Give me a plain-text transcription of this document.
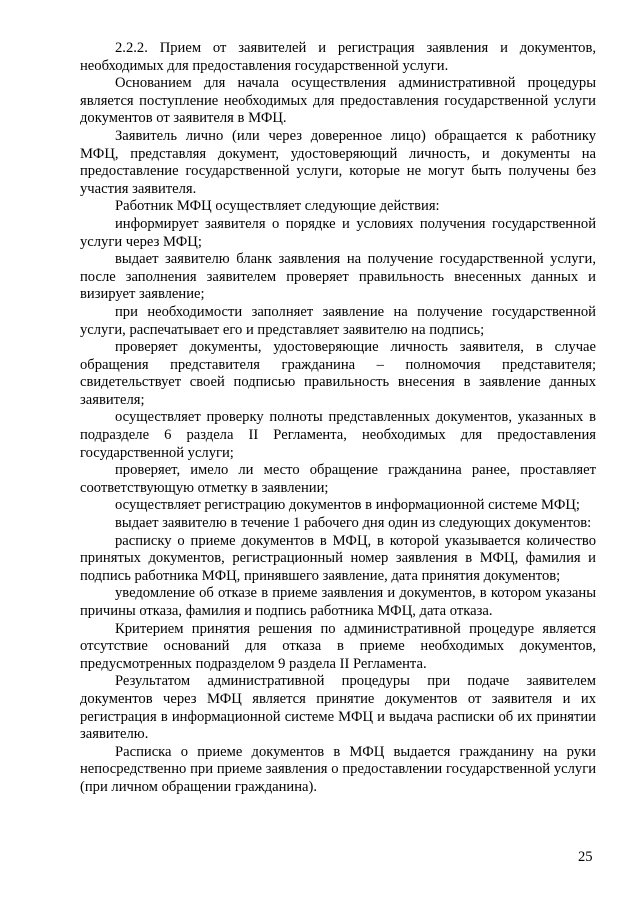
2.2.2. Прием от заявителей и регистрация заявления и документов, необходимых для предоставления государственной услуги.

Основанием для начала осуществления административной процедуры является поступление необходимых для предоставления государственной услуги документов от заявителя в МФЦ.

Заявитель лично (или через доверенное лицо) обращается к работнику МФЦ, представляя документ, удостоверяющий личность, и документы на предоставление государственной услуги, которые не могут быть получены без участия заявителя.

Работник МФЦ осуществляет следующие действия:

информирует заявителя о порядке и условиях получения государственной услуги через МФЦ;

выдает заявителю бланк заявления на получение государственной услуги, после заполнения заявителем проверяет правильность внесенных данных и визирует заявление;

при необходимости заполняет заявление на получение государственной услуги, распечатывает его и представляет заявителю на подпись;

проверяет документы, удостоверяющие личность заявителя, в случае обращения представителя гражданина – полномочия представителя; свидетельствует своей подписью правильность внесения в заявление данных заявителя;

осуществляет проверку полноты представленных документов, указанных в подразделе 6 раздела II Регламента, необходимых для предоставления государственной услуги;

проверяет, имело ли место обращение гражданина ранее, проставляет соответствующую отметку в заявлении;

осуществляет регистрацию документов в информационной системе МФЦ;

выдает заявителю в течение 1 рабочего дня один из следующих документов:

расписку о приеме документов в МФЦ, в которой указывается количество принятых документов, регистрационный номер заявления в МФЦ, фамилия и подпись работника МФЦ, принявшего заявление, дата принятия документов;

уведомление об отказе в приеме заявления и документов, в котором указаны причины отказа, фамилия и подпись работника МФЦ, дата отказа.

Критерием принятия решения по административной процедуре является отсутствие оснований для отказа в приеме необходимых документов, предусмотренных подразделом 9 раздела II Регламента.

Результатом административной процедуры при подаче заявителем документов через МФЦ является принятие документов от заявителя и их регистрация в информационной системе МФЦ и выдача расписки об их принятии заявителю.

Расписка о приеме документов в МФЦ выдается гражданину на руки непосредственно при приеме заявления о предоставлении государственной услуги (при личном обращении гражданина).

25
